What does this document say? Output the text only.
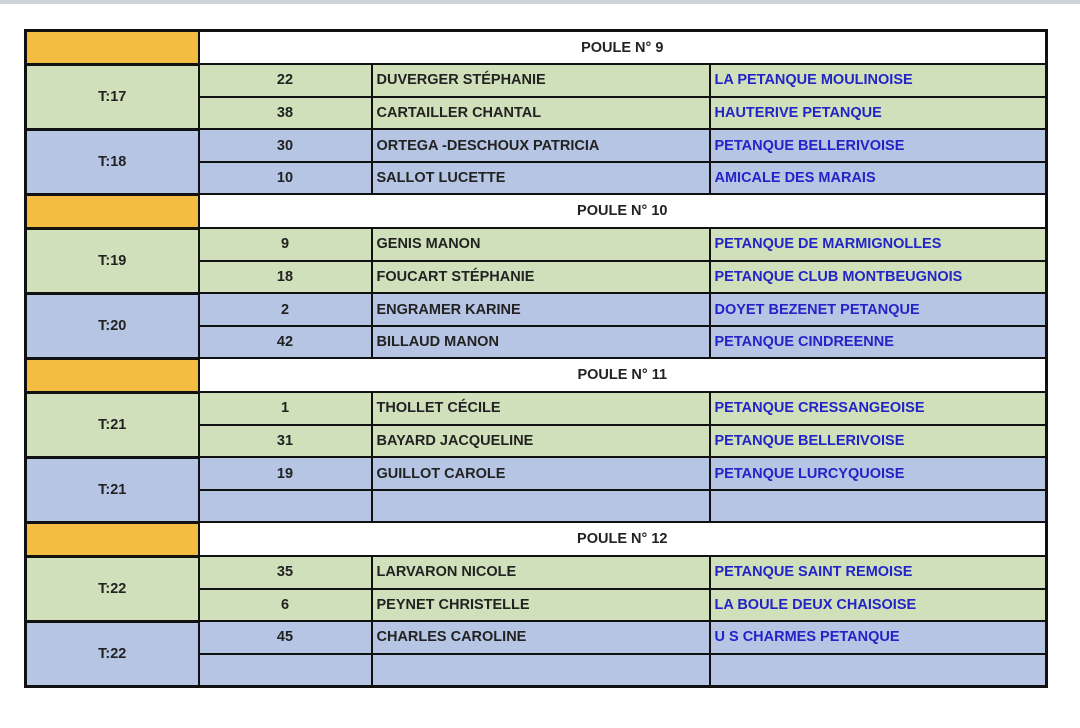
	POULE N° 9		
T:17	22	DUVERGER STÉPHANIE	LA PETANQUE MOULINOISE
	38	CARTAILLER CHANTAL	HAUTERIVE PETANQUE
T:18	30	ORTEGA -DESCHOUX PATRICIA	PETANQUE BELLERIVOISE
	10	SALLOT LUCETTE	AMICALE DES MARAIS
	POULE N° 10		
T:19	9	GENIS MANON	PETANQUE DE MARMIGNOLLES
	18	FOUCART STÉPHANIE	PETANQUE CLUB MONTBEUGNOIS
T:20	2	ENGRAMER KARINE	DOYET BEZENET PETANQUE
	42	BILLAUD MANON	PETANQUE CINDREENNE
	POULE N° 11		
T:21	1	THOLLET CÉCILE	PETANQUE CRESSANGEOISE
	31	BAYARD JACQUELINE	PETANQUE BELLERIVOISE
T:21	19	GUILLOT CAROLE	PETANQUE LURCYQUOISE

	POULE N° 12		
T:22	35	LARVARON NICOLE	PETANQUE SAINT REMOISE
	6	PEYNET CHRISTELLE	LA BOULE DEUX CHAISOISE
T:22	45	CHARLES CAROLINE	U S CHARMES PETANQUE
